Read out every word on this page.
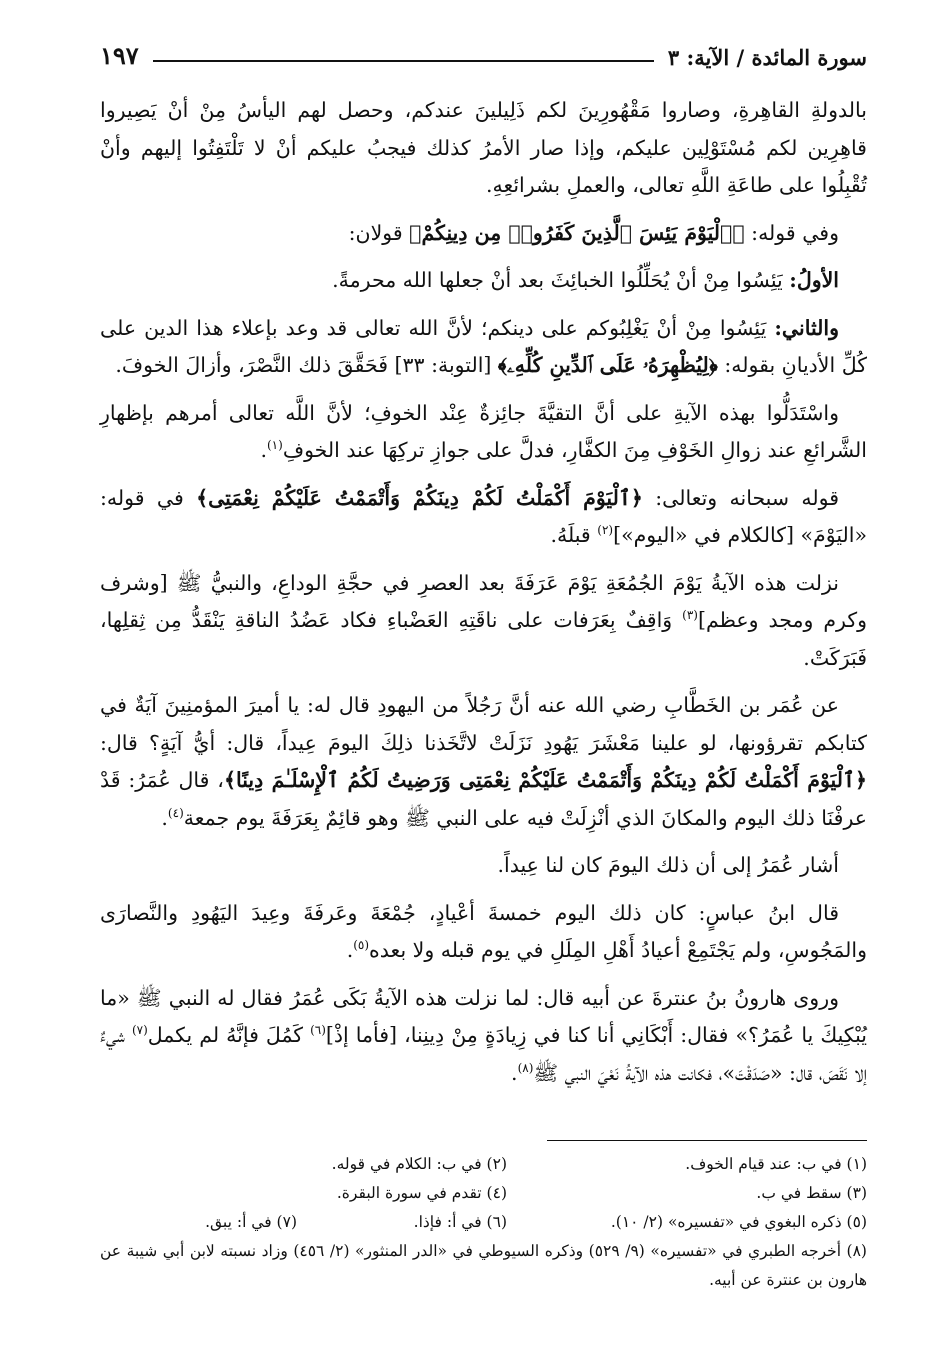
سورة المائدة / الآية: ٣
١٩٧

بالدولةِ القاهِرةِ، وصاروا مَقْهُورِينَ لكم ذَلِيلينَ عندكم، وحصل لهم اليأسُ مِنْ أنْ يَصِيروا قاهِرِين لكم مُسْتَوْلِين عليكم، وإذا صار الأمرُ كذلك فيجبُ عليكم أنْ لا تَلْتَفِتُوا إليهم وأنْ تُقْبِلُوا على طاعَةِ اللَّهِ تعالى، والعملِ بشرائعِهِ.

وفي قوله: ﴿ٱلْيَوْمَ يَئِسَ ٱلَّذِينَ كَفَرُوا۟ مِن دِينِكُمْ﴾ قولان:

الأولُ: يَئِسُوا مِنْ أنْ يُحَلِّلُوا الخبائِثَ بعد أنْ جعلها الله محرمةً.

والثاني: يَئِسُوا مِنْ أنْ يَغْلِبُوكم على دينكم؛ لأنَّ الله تعالى قد وعد بإعلاء هذا الدين على كُلِّ الأديانِ بقوله: ﴿لِيُظْهِرَهُۥ عَلَى ٱلدِّينِ كُلِّهِۦ﴾ [التوبة: ٣٣] فَحَقَّقَ ذلك النَّصْرَ، وأزالَ الخوفَ.

واسْتَدَلُّوا بهذه الآيةِ على أنَّ التقيَّةَ جائِزةٌ عِنْد الخوفِ؛ لأنَّ اللَّه تعالى أمرهم بإظهارِ الشَّرائعِ عند زوالِ الخَوْفِ مِنَ الكفَّارِ، فدلَّ على جوازِ تركِهَا عند الخوفِ$^{(١)}$.

قوله سبحانه وتعالى: ﴿ٱلْيَوْمَ أَكْمَلْتُ لَكُمْ دِينَكُمْ وَأَتْمَمْتُ عَلَيْكُمْ نِعْمَتِى﴾ في قوله: «اليَوْمَ» [كالكلام في «اليوم»]$^{(٢)}$ قبلَهُ.

نزلت هذه الآيةُ يَوْمَ الجُمُعَةِ يَوْمَ عَرَفَةَ بعد العصرِ في حجَّةِ الوداعِ، والنبيُّ ﷺ [وشرف وكرم ومجد وعظم]$^{(٣)}$ وَاقِفٌ بِعَرَفات على ناقَتِهِ العَضْباءِ فكاد عَضُدُ الناقةِ يَنْقَدُّ مِن ثِقلِها، فَبَرَكَتْ.

عن عُمَر بن الخَطَّابِ رضي الله عنه أنَّ رَجُلاً من اليهودِ قال له: يا أميرَ المؤمنِينَ آيَةٌ في كتابكم تقرؤونها، لو علينا مَعْشَرَ يَهُودِ نَزَلَتْ لاتَّخَذنا ذلِكَ اليومَ عِيداً، قال: أيُّ آيَةٍ؟ قال: ﴿ٱلْيَوْمَ أَكْمَلْتُ لَكُمْ دِينَكُمْ وَأَتْمَمْتُ عَلَيْكُمْ نِعْمَتِى وَرَضِيتُ لَكُمُ ٱلْإِسْلَـٰمَ دِينًا﴾، قال عُمَرُ: قَدْ عرفْنَا ذلك اليوم والمكانَ الذي أنْزِلَتْ فيه على النبي ﷺ وهو قائِمٌ بِعَرَفَةَ يوم جمعة$^{(٤)}$.

أشار عُمَرُ إلى أن ذلك اليومَ كان لنا عِيداً.

قال ابنُ عباسٍ: كان ذلك اليوم خمسةَ أعْيادٍ، جُمْعَةَ وعَرفَةَ وعِيدَ اليَهُودِ والنَّصارَى والمَجُوسِ، ولم يَجْتَمِعْ أعيادُ أَهْلِ المِلَلِ في يوم قبله ولا بعده$^{(٥)}$.

وروى هارونُ بنُ عنترةَ عن أبيه قال: لما نزلت هذه الآيةُ بَكَى عُمَرُ فقال له النبي ﷺ «ما يُبْكِيكَ يا عُمَرُ؟» فقال: أَبْكَانِي أنا كنا في زِيادَةٍ مِنْ دِينِنا، [فأما إذْ]$^{(٦)}$ كَمُلَ فإنَّهُ لم يكمل$^{(٧)}$ شيءٌ إلا نَقَصَ، قال: «صَدَقْتَ»، فكانت هذه الآيةُ نَعْيَ النبي ﷺ$^{(٨)}$.

(١) في ب: عند قيام الخوف.
(٢) في ب: الكلام في قوله.
(٣) سقط في ب.
(٤) تقدم في سورة البقرة.
(٥) ذكره البغوي في «تفسيره» (٢/ ١٠).
(٦) في أ: فإذا.
(٧) في أ: يبق.
(٨) أخرجه الطبري في «تفسيره» (٩/ ٥٢٩) وذكره السيوطي في «الدر المنثور» (٢/ ٤٥٦) وزاد نسبته لابن أبي شيبة عن هارون بن عنترة عن أبيه.
